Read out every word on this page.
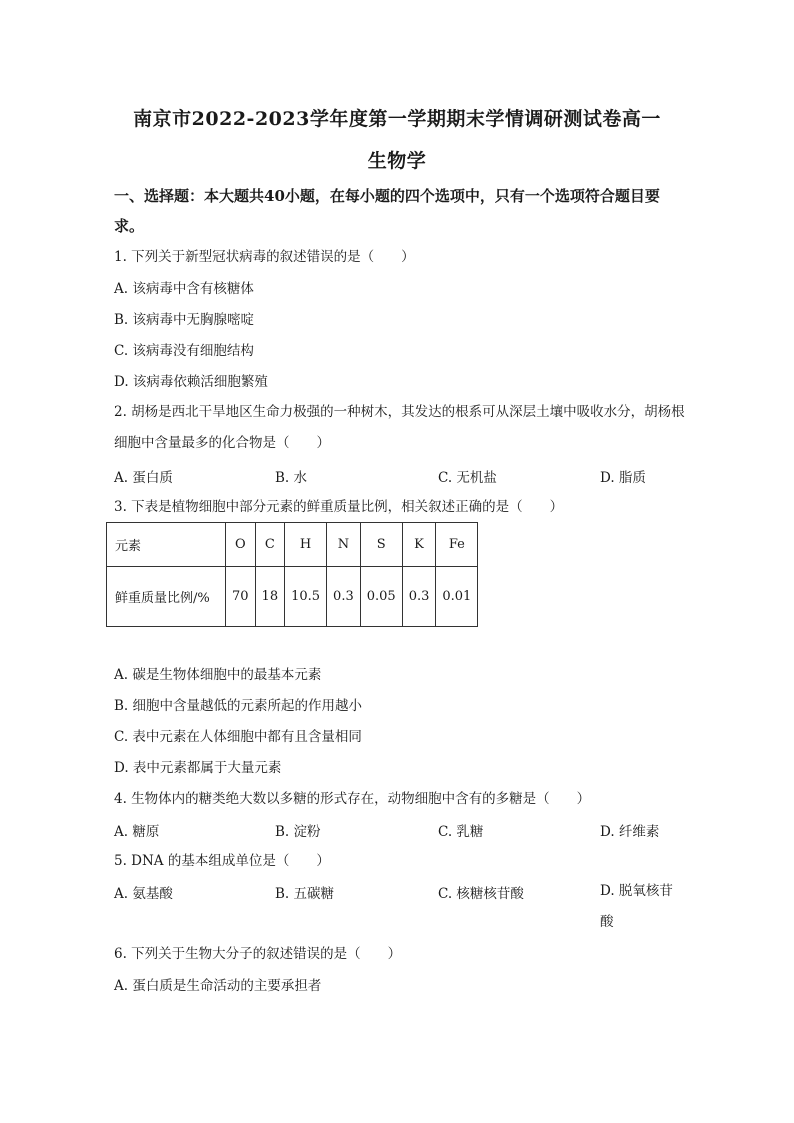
南京市2022-2023学年度第一学期期末学情调研测试卷高一
生物学
一、选择题：本大题共40小题，在每小题的四个选项中，只有一个选项符合题目要求。
1. 下列关于新型冠状病毒的叙述错误的是（　　）
A. 该病毒中含有核糖体
B. 该病毒中无胸腺嘧啶
C. 该病毒没有细胞结构
D. 该病毒依赖活细胞繁殖
2. 胡杨是西北干旱地区生命力极强的一种树木，其发达的根系可从深层土壤中吸收水分，胡杨根细胞中含量最多的化合物是（　　）
A. 蛋白质	B. 水	C. 无机盐	D. 脂质
3. 下表是植物细胞中部分元素的鲜重质量比例，相关叙述正确的是（　　）
元素	O	C	H	N	S	K	Fe
鲜重质量比例/%	70	18	10.5	0.3	0.05	0.3	0.01
A. 碳是生物体细胞中的最基本元素
B. 细胞中含量越低的元素所起的作用越小
C. 表中元素在人体细胞中都有且含量相同
D. 表中元素都属于大量元素
4. 生物体内的糖类绝大数以多糖的形式存在，动物细胞中含有的多糖是（　　）
A. 糖原	B. 淀粉	C. 乳糖	D. 纤维素
5. DNA 的基本组成单位是（　　）
A. 氨基酸	B. 五碳糖	C. 核糖核苷酸	D. 脱氧核苷酸
6. 下列关于生物大分子的叙述错误的是（　　）
A. 蛋白质是生命活动的主要承担者
